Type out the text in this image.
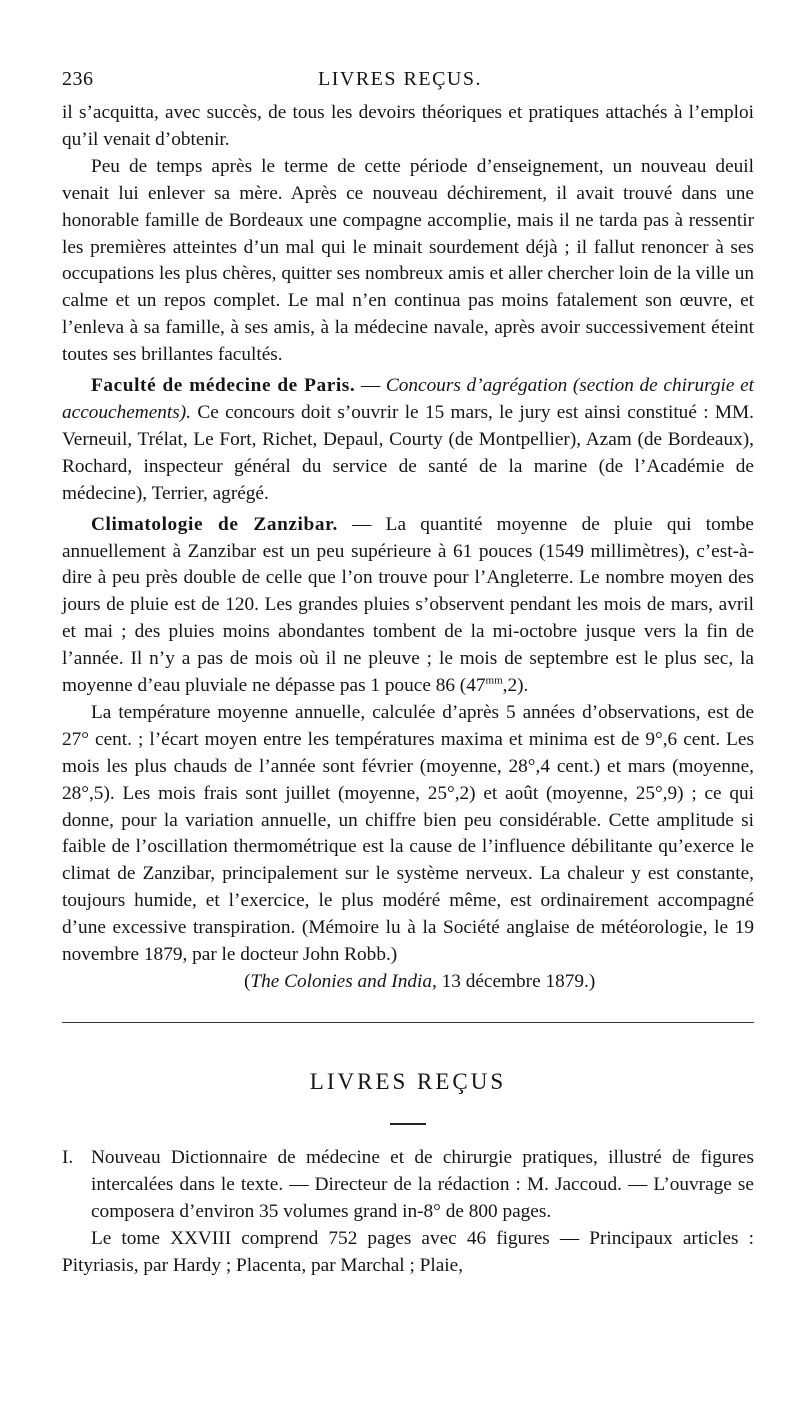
236	LIVRES REÇUS.

il s’acquitta, avec succès, de tous les devoirs théoriques et pratiques attachés à l’emploi qu’il venait d’obtenir.

Peu de temps après le terme de cette période d’enseignement, un nouveau deuil venait lui enlever sa mère. Après ce nouveau déchirement, il avait trouvé dans une honorable famille de Bordeaux une compagne accomplie, mais il ne tarda pas à ressentir les premières atteintes d’un mal qui le minait sourdement déjà ; il fallut renoncer à ses occupations les plus chères, quitter ses nombreux amis et aller chercher loin de la ville un calme et un repos complet. Le mal n’en continua pas moins fatalement son œuvre, et l’enleva à sa famille, à ses amis, à la médecine navale, après avoir successivement éteint toutes ses brillantes facultés.

Faculté de médecine de Paris. — Concours d’agrégation (section de chirurgie et accouchements). Ce concours doit s’ouvrir le 15 mars, le jury est ainsi constitué : MM. Verneuil, Trélat, Le Fort, Richet, Depaul, Courty (de Montpellier), Azam (de Bordeaux), Rochard, inspecteur général du service de santé de la marine (de l’Académie de médecine), Terrier, agrégé.

Climatologie de Zanzibar. — La quantité moyenne de pluie qui tombe annuellement à Zanzibar est un peu supérieure à 61 pouces (1549 millimètres), c’est-à-dire à peu près double de celle que l’on trouve pour l’Angleterre. Le nombre moyen des jours de pluie est de 120. Les grandes pluies s’observent pendant les mois de mars, avril et mai ; des pluies moins abondantes tombent de la mi-octobre jusque vers la fin de l’année. Il n’y a pas de mois où il ne pleuve ; le mois de septembre est le plus sec, la moyenne d’eau pluviale ne dépasse pas 1 pouce 86 $(47^{mm},2)$.

La température moyenne annuelle, calculée d’après 5 années d’observations, est de 27° cent. ; l’écart moyen entre les températures maxima et minima est de 9°,6 cent. Les mois les plus chauds de l’année sont février (moyenne, 28°,4 cent.) et mars (moyenne, 28°,5). Les mois frais sont juillet (moyenne, 25°,2) et août (moyenne, 25°,9) ; ce qui donne, pour la variation annuelle, un chiffre bien peu considérable. Cette amplitude si faible de l’oscillation thermométrique est la cause de l’influence débilitante qu’exerce le climat de Zanzibar, principalement sur le système nerveux. La chaleur y est constante, toujours humide, et l’exercice, le plus modéré même, est ordinairement accompagné d’une excessive transpiration. (Mémoire lu à la Société anglaise de météorologie, le 19 novembre 1879, par le docteur John Robb.)

(The Colonies and India, 13 décembre 1879.)

LIVRES REÇUS

I. Nouveau Dictionnaire de médecine et de chirurgie pratiques, illustré de figures intercalées dans le texte. — Directeur de la rédaction : M. Jaccoud. — L’ouvrage se composera d’environ 35 volumes grand in-8° de 800 pages.

Le tome XXVIII comprend 752 pages avec 46 figures — Principaux articles : Pityriasis, par Hardy ; Placenta, par Marchal ; Plaie,
